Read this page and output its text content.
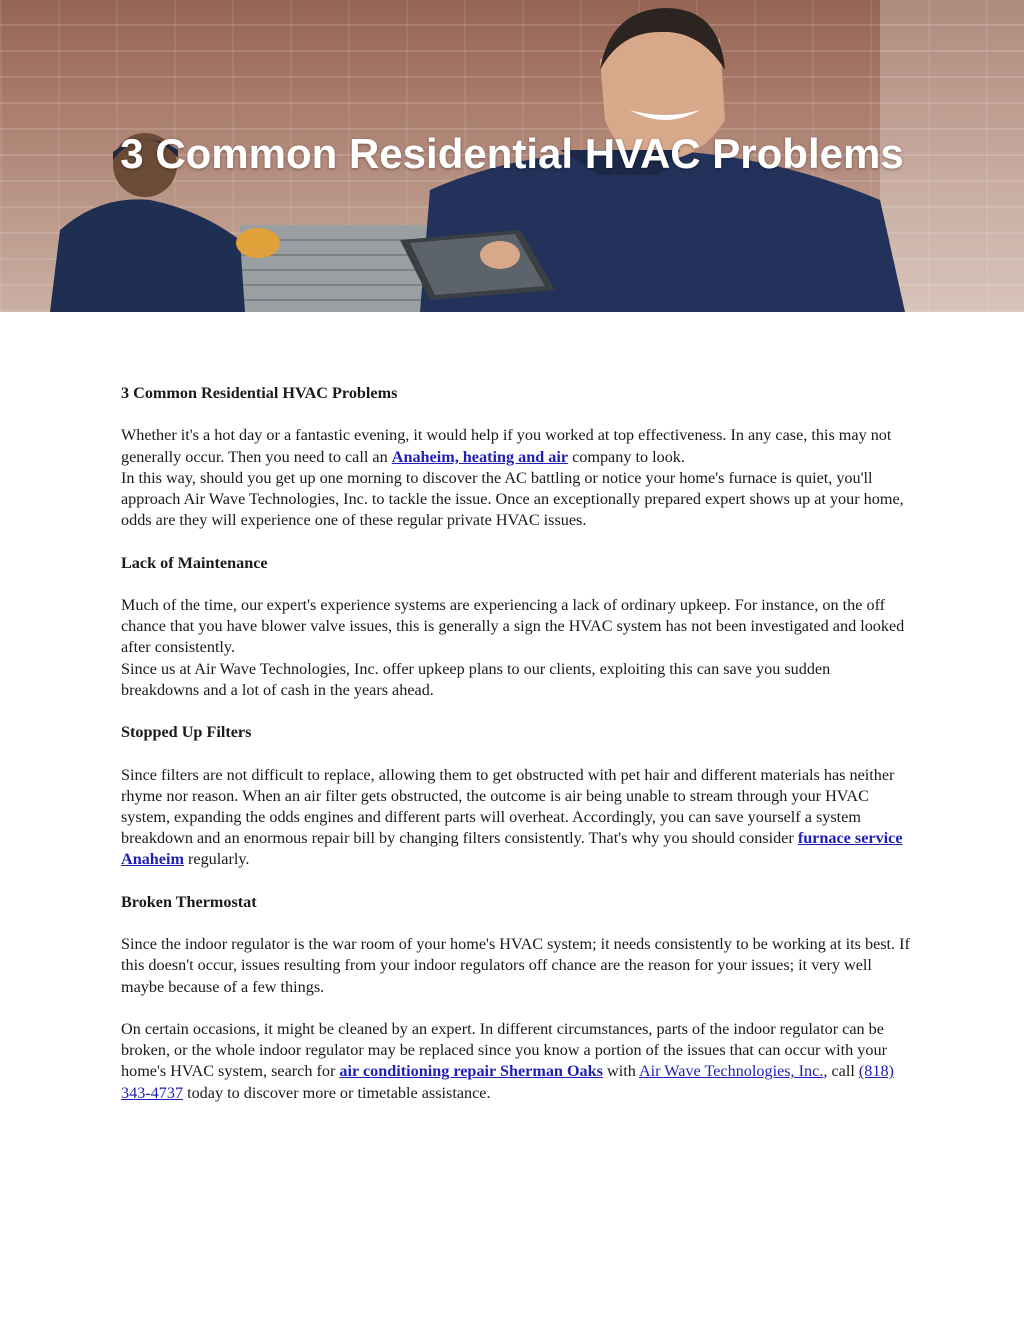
3 Common Residential HVAC Problems
3 Common Residential HVAC Problems

Whether it's a hot day or a fantastic evening, it would help if you worked at top effectiveness. In any case, this may not generally occur. Then you need to call an Anaheim, heating and air company to look.
In this way, should you get up one morning to discover the AC battling or notice your home's furnace is quiet, you'll approach Air Wave Technologies, Inc. to tackle the issue. Once an exceptionally prepared expert shows up at your home, odds are they will experience one of these regular private HVAC issues.

Lack of Maintenance

Much of the time, our expert's experience systems are experiencing a lack of ordinary upkeep. For instance, on the off chance that you have blower valve issues, this is generally a sign the HVAC system has not been investigated and looked after consistently.
Since us at Air Wave Technologies, Inc. offer upkeep plans to our clients, exploiting this can save you sudden breakdowns and a lot of cash in the years ahead.

Stopped Up Filters

Since filters are not difficult to replace, allowing them to get obstructed with pet hair and different materials has neither rhyme nor reason. When an air filter gets obstructed, the outcome is air being unable to stream through your HVAC system, expanding the odds engines and different parts will overheat. Accordingly, you can save yourself a system breakdown and an enormous repair bill by changing filters consistently. That's why you should consider furnace service Anaheim regularly.

Broken Thermostat

Since the indoor regulator is the war room of your home's HVAC system; it needs consistently to be working at its best. If this doesn't occur, issues resulting from your indoor regulators off chance are the reason for your issues; it very well maybe because of a few things.

On certain occasions, it might be cleaned by an expert. In different circumstances, parts of the indoor regulator can be broken, or the whole indoor regulator may be replaced since you know a portion of the issues that can occur with your home's HVAC system, search for air conditioning repair Sherman Oaks with Air Wave Technologies, Inc., call (818) 343-4737 today to discover more or timetable assistance.
